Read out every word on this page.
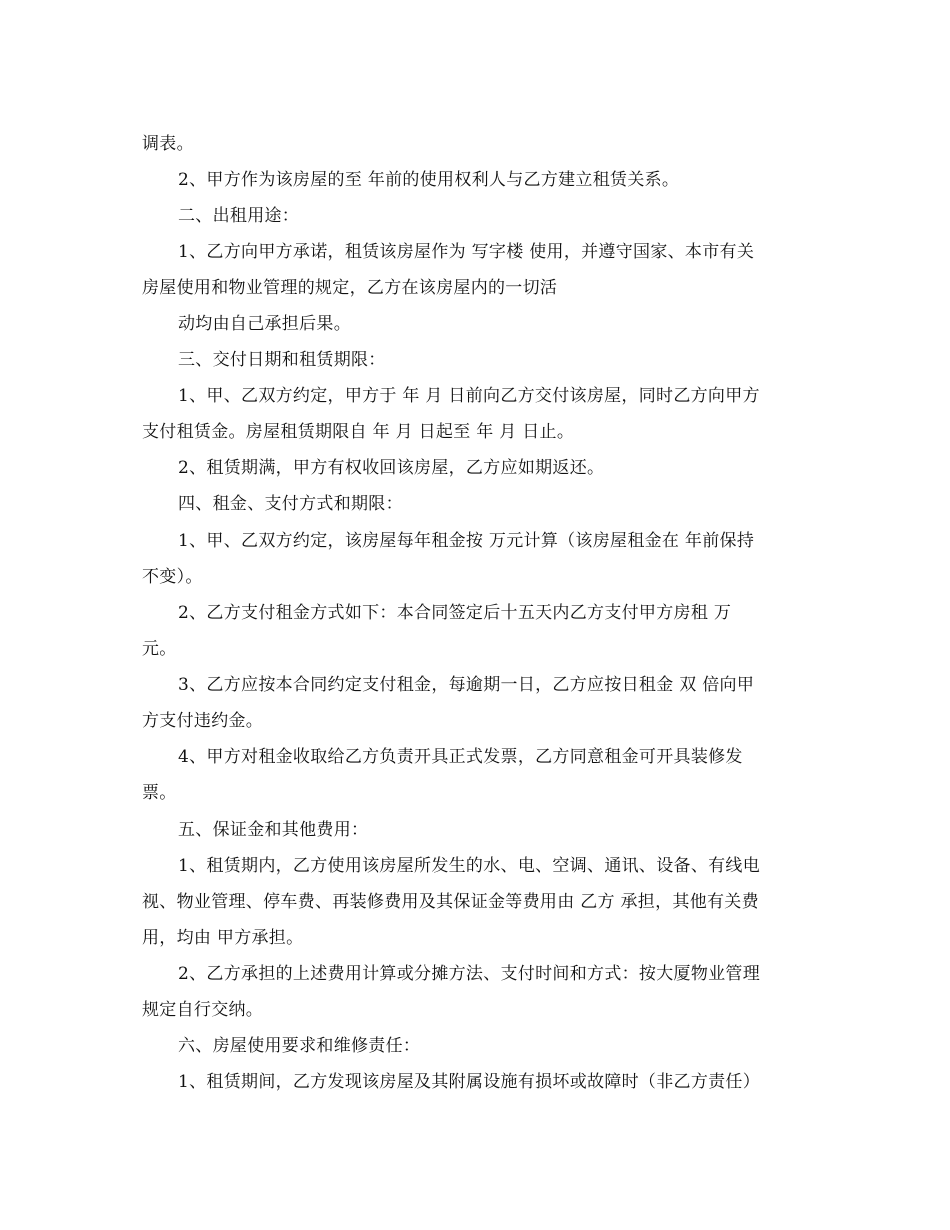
调表。
2、甲方作为该房屋的至 年前的使用权利人与乙方建立租赁关系。
二、出租用途：
1、乙方向甲方承诺，租赁该房屋作为 写字楼 使用，并遵守国家、本市有关
房屋使用和物业管理的规定，乙方在该房屋内的一切活
动均由自己承担后果。
三、交付日期和租赁期限：
1、甲、乙双方约定，甲方于 年 月 日前向乙方交付该房屋，同时乙方向甲方
支付租赁金。房屋租赁期限自 年 月 日起至 年 月 日止。
2、租赁期满，甲方有权收回该房屋，乙方应如期返还。
四、租金、支付方式和期限：
1、甲、乙双方约定，该房屋每年租金按 万元计算（该房屋租金在 年前保持
不变）。
2、乙方支付租金方式如下：本合同签定后十五天内乙方支付甲方房租 万
元。
3、乙方应按本合同约定支付租金，每逾期一日，乙方应按日租金 双 倍向甲
方支付违约金。
4、甲方对租金收取给乙方负责开具正式发票，乙方同意租金可开具装修发
票。
五、保证金和其他费用：
1、租赁期内，乙方使用该房屋所发生的水、电、空调、通讯、设备、有线电
视、物业管理、停车费、再装修费用及其保证金等费用由 乙方 承担，其他有关费
用，均由 甲方承担。
2、乙方承担的上述费用计算或分摊方法、支付时间和方式：按大厦物业管理
规定自行交纳。
六、房屋使用要求和维修责任：
1、租赁期间，乙方发现该房屋及其附属设施有损坏或故障时（非乙方责任）
